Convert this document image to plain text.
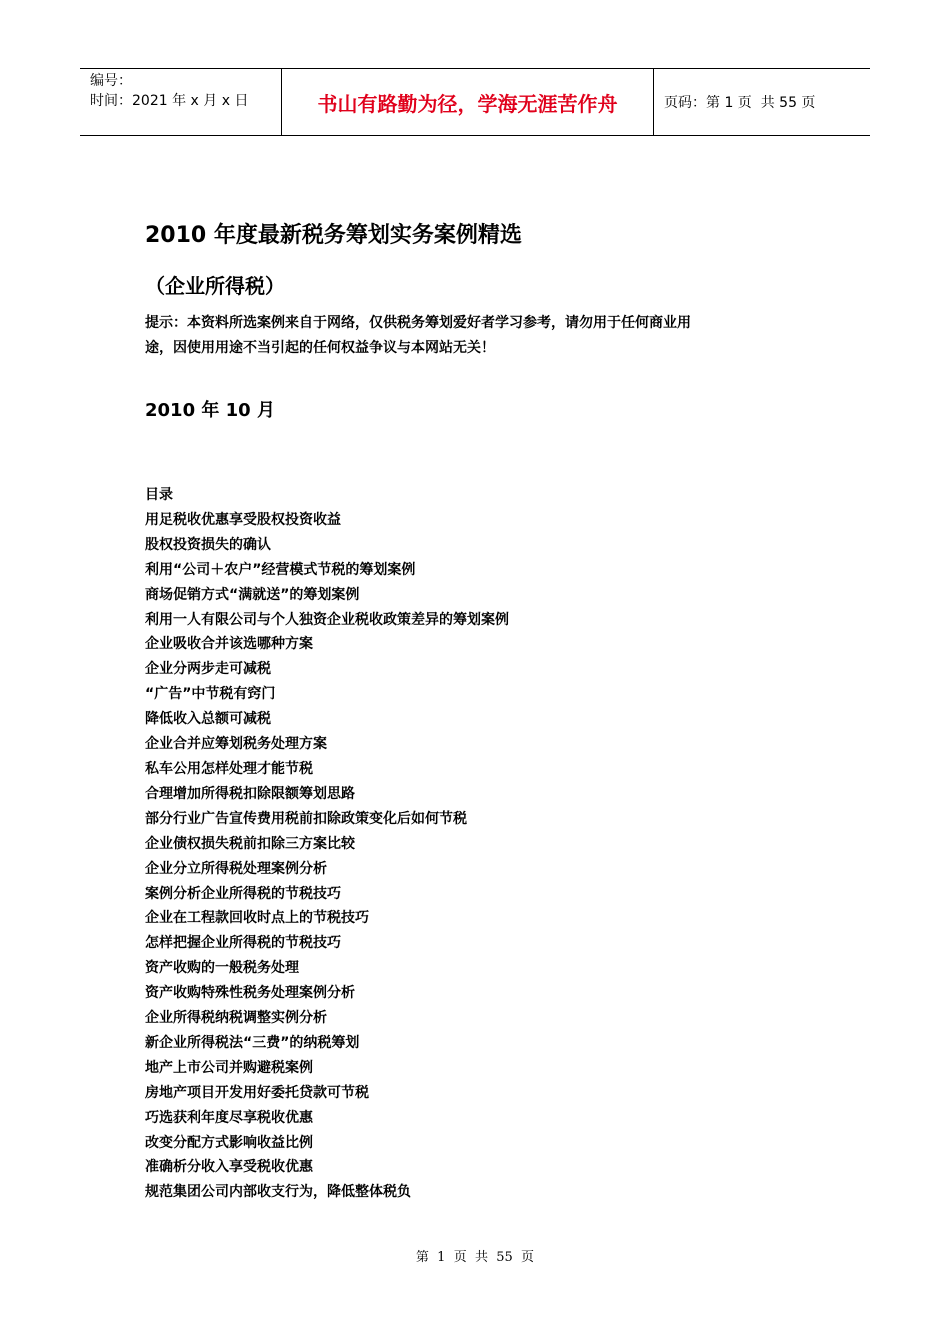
编号：
时间：2021 年 x 月 x 日	书山有路勤为径，学海无涯苦作舟	页码：第 1 页  共 55 页
2010 年度最新税务筹划实务案例精选
（企业所得税）

提示：本资料所选案例来自于网络，仅供税务筹划爱好者学习参考，请勿用于任何商业用途，因使用用途不当引起的任何权益争议与本网站无关！

2010 年 10 月
目录
用足税收优惠享受股权投资收益
股权投资损失的确认
利用“公司＋农户”经营模式节税的筹划案例
商场促销方式“满就送”的筹划案例
利用一人有限公司与个人独资企业税收政策差异的筹划案例
企业吸收合并该选哪种方案
企业分两步走可减税
“广告”中节税有窍门
降低收入总额可减税
企业合并应筹划税务处理方案
私车公用怎样处理才能节税
合理增加所得税扣除限额筹划思路
部分行业广告宣传费用税前扣除政策变化后如何节税
企业债权损失税前扣除三方案比较
企业分立所得税处理案例分析
案例分析企业所得税的节税技巧
企业在工程款回收时点上的节税技巧
怎样把握企业所得税的节税技巧
资产收购的一般税务处理
资产收购特殊性税务处理案例分析
企业所得税纳税调整实例分析
新企业所得税法“三费”的纳税筹划
地产上市公司并购避税案例
房地产项目开发用好委托贷款可节税
巧选获利年度尽享税收优惠
改变分配方式影响收益比例
准确析分收入享受税收优惠
规范集团公司内部收支行为，降低整体税负
第  1  页  共  55  页
